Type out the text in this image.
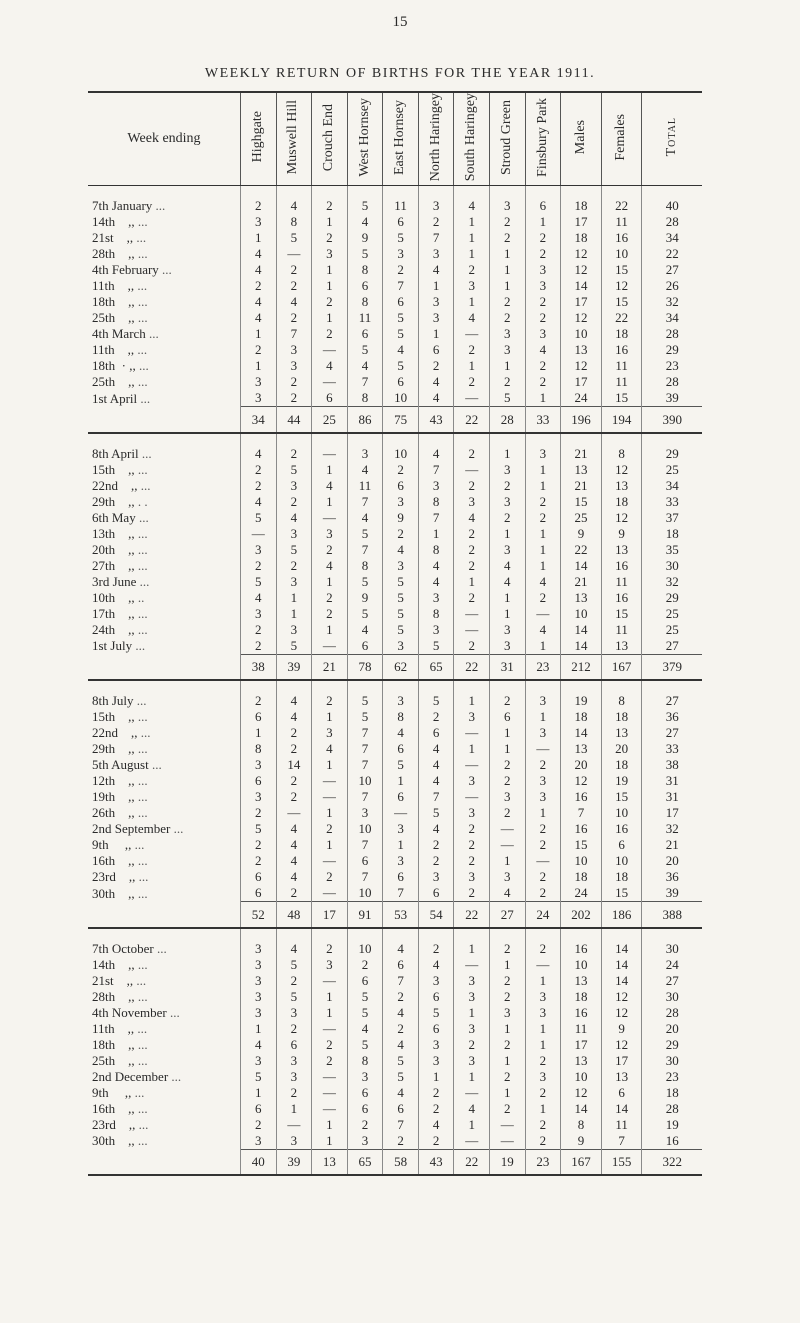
15
WEEKLY RETURN OF BIRTHS FOR THE YEAR 1911.
Week ending	Highgate	Muswell Hill	Crouch End	West Hornsey	East Hornsey	North Haringey	South Haringey	Stroud Green	Finsbury Park	Males	Females	Total

7th January ...	2	4	2	5	11	3	4	3	6	18	22	40
14th    ,, ...	3	8	1	4	6	2	1	2	1	17	11	28
21st    ,, ...	1	5	2	9	5	7	1	2	2	18	16	34
28th    ,, ...	4	—	3	5	3	3	1	1	2	12	10	22
4th February ...	4	2	1	8	2	4	2	1	3	12	15	27
11th    ,, ...	2	2	1	6	7	1	3	1	3	14	12	26
18th    ,, ...	4	4	2	8	6	3	1	2	2	17	15	32
25th    ,, ...	4	2	1	11	5	3	4	2	2	12	22	34
4th March ...	1	7	2	6	5	1	—	3	3	10	18	28
11th    ,, ...	2	3	—	5	4	6	2	3	4	13	16	29
18th  · ,, ...	1	3	4	4	5	2	1	1	2	12	11	23
25th    ,, ...	3	2	—	7	6	4	2	2	2	17	11	28
1st April ...	3	2	6	8	10	4	—	5	1	24	15	39
	34	44	25	86	75	43	22	28	33	196	194	390

8th April ...	4	2	—	3	10	4	2	1	3	21	8	29
15th    ,, ...	2	5	1	4	2	7	—	3	1	13	12	25
22nd    ,, ...	2	3	4	11	6	3	2	2	1	21	13	34
29th    ,, . .	4	2	1	7	3	8	3	3	2	15	18	33
6th May ...	5	4	—	4	9	7	4	2	2	25	12	37
13th    ,, ...	—	3	3	5	2	1	2	1	1	9	9	18
20th    ,, ...	3	5	2	7	4	8	2	3	1	22	13	35
27th    ,, ...	2	2	4	8	3	4	2	4	1	14	16	30
3rd June ...	5	3	1	5	5	4	1	4	4	21	11	32
10th    ,, ..	4	1	2	9	5	3	2	1	2	13	16	29
17th    ,, ...	3	1	2	5	5	8	—	1	—	10	15	25
24th    ,, ...	2	3	1	4	5	3	—	3	4	14	11	25
1st July ...	2	5	—	6	3	5	2	3	1	14	13	27
	38	39	21	78	62	65	22	31	23	212	167	379

8th July ...	2	4	2	5	3	5	1	2	3	19	8	27
15th    ,, ...	6	4	1	5	8	2	3	6	1	18	18	36
22nd    ,, ...	1	2	3	7	4	6	—	1	3	14	13	27
29th    ,, ...	8	2	4	7	6	4	1	1	—	13	20	33
5th August ...	3	14	1	7	5	4	—	2	2	20	18	38
12th    ,, ...	6	2	—	10	1	4	3	2	3	12	19	31
19th    ,, ...	3	2	—	7	6	7	—	3	3	16	15	31
26th    ,, ...	2	—	1	3	—	5	3	2	1	7	10	17
2nd September ...	5	4	2	10	3	4	2	—	2	16	16	32
9th     ,, ...	2	4	1	7	1	2	2	—	2	15	6	21
16th    ,, ...	2	4	—	6	3	2	2	1	—	10	10	20
23rd    ,, ...	6	4	2	7	6	3	3	3	2	18	18	36
30th    ,, ...	6	2	—	10	7	6	2	4	2	24	15	39
	52	48	17	91	53	54	22	27	24	202	186	388

7th October ...	3	4	2	10	4	2	1	2	2	16	14	30
14th    ,, ...	3	5	3	2	6	4	—	1	—	10	14	24
21st    ,, ...	3	2	—	6	7	3	3	2	1	13	14	27
28th    ,, ...	3	5	1	5	2	6	3	2	3	18	12	30
4th November ...	3	3	1	5	4	5	1	3	3	16	12	28
11th    ,, ...	1	2	—	4	2	6	3	1	1	11	9	20
18th    ,, ...	4	6	2	5	4	3	2	2	1	17	12	29
25th    ,, ...	3	3	2	8	5	3	3	1	2	13	17	30
2nd December ...	5	3	—	3	5	1	1	2	3	10	13	23
9th     ,, ...	1	2	—	6	4	2	—	1	2	12	6	18
16th    ,, ...	6	1	—	6	6	2	4	2	1	14	14	28
23rd    ,, ...	2	—	1	2	7	4	1	—	2	8	11	19
30th    ,, ...	3	3	1	3	2	2	—	—	2	9	7	16
	40	39	13	65	58	43	22	19	23	167	155	322
